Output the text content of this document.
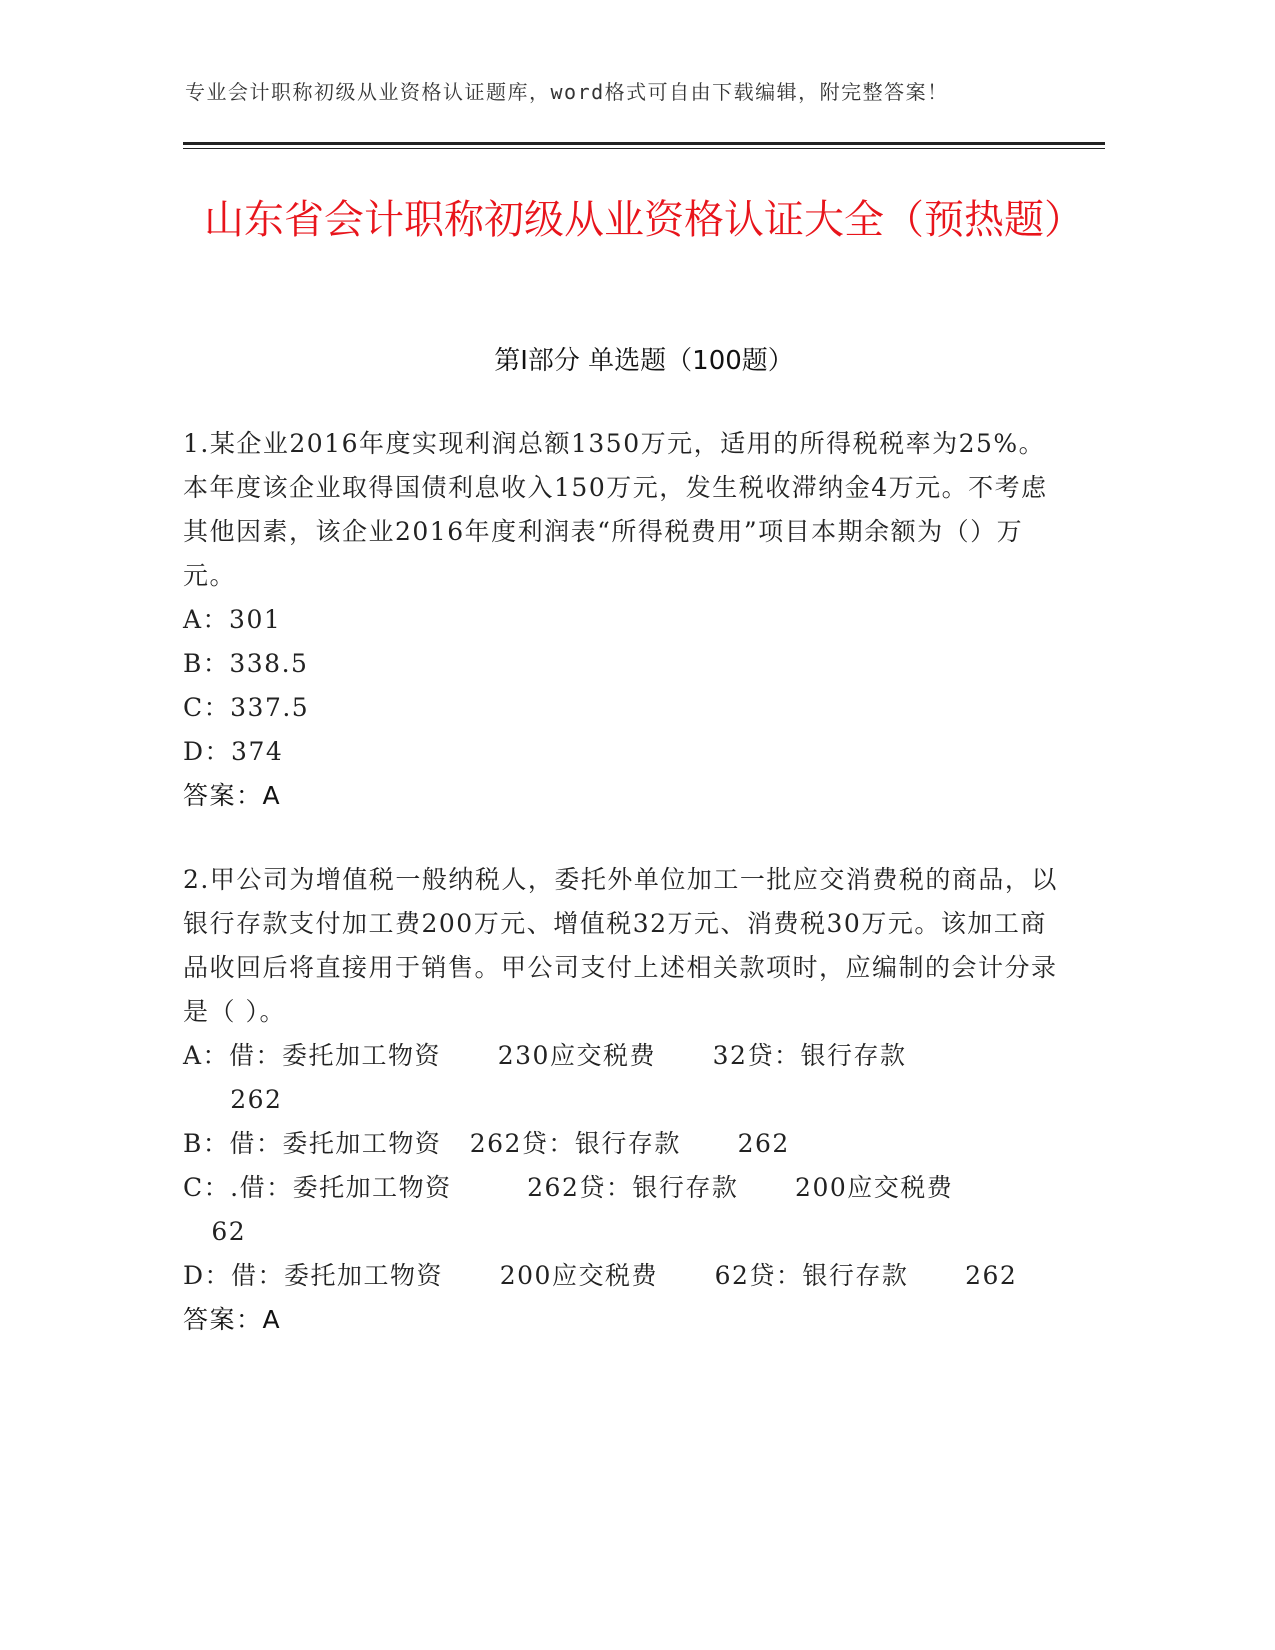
专业会计职称初级从业资格认证题库，word格式可自由下载编辑，附完整答案！
山东省会计职称初级从业资格认证大全（预热题）
第Ⅰ部分 单选题（100题）

1.某企业2016年度实现利润总额1350万元，适用的所得税税率为25%。本年度该企业取得国债利息收入150万元，发生税收滞纳金4万元。不考虑其他因素，该企业2016年度利润表“所得税费用”项目本期余额为（）万元。

A：301

B：338.5

C：337.5

D：374

答案：A

2.甲公司为增值税一般纳税人，委托外单位加工一批应交消费税的商品，以银行存款支付加工费200万元、增值税32万元、消费税30万元。该加工商品收回后将直接用于销售。甲公司支付上述相关款项时，应编制的会计分录是（ ）。

A：借：委托加工物资      230应交税费      32贷：银行存款
262

B：借：委托加工物资   262贷：银行存款      262

C：.借：委托加工物资        262贷：银行存款      200应交税费
62

D：借：委托加工物资      200应交税费      62贷：银行存款      262

答案：A
